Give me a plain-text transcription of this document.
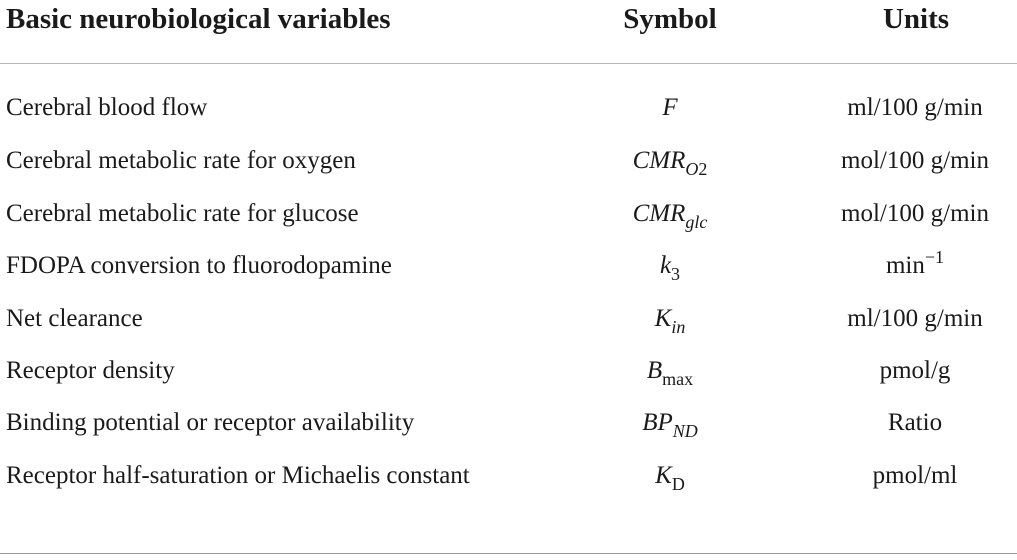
Basic neurobiological variables	Symbol	Units
Cerebral blood flow	F	ml/100 g/min
Cerebral metabolic rate for oxygen	$CMR_{O2}$	mol/100 g/min
Cerebral metabolic rate for glucose	$CMR_{glc}$	mol/100 g/min
FDOPA conversion to fluorodopamine	$k_3$	$\min^{-1}$
Net clearance	$K_{in}$	ml/100 g/min
Receptor density	$B_{max}$	pmol/g
Binding potential or receptor availability	$BP_{ND}$	Ratio
Receptor half-saturation or Michaelis constant	$K_D$	pmol/ml
